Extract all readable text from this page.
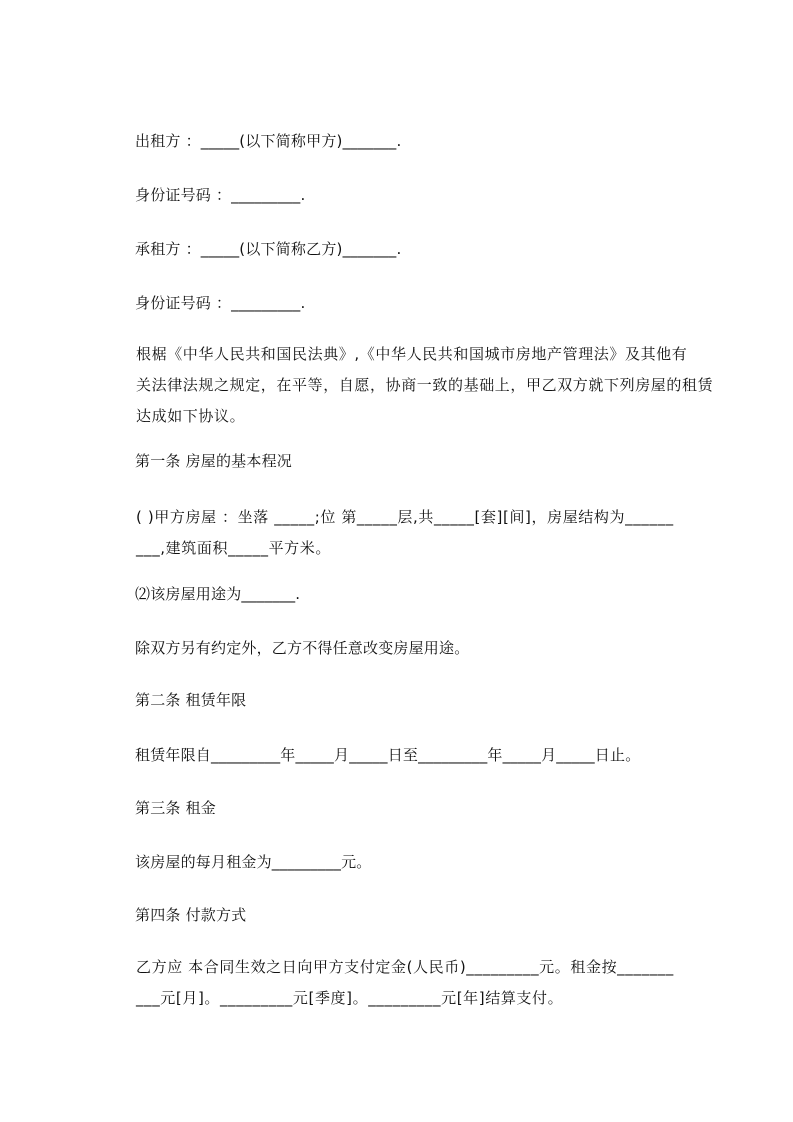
出租方 ：_____(以下简称甲方)_______.
身份证号码 ：_________.
承租方 ：_____(以下简称乙方)_______.
身份证号码 ：_________.
根椐《中华人民共和国民法典》,《中华人民共和国城市房地产管理法》及其他有
关法律法规之规定，在平等，自愿，协商一致的基础上，甲乙双方就下列房屋的租赁
达成如下协议。
第一条 房屋的基本程况
( )甲方房屋 ：坐落 _____;位 第_____层,共_____[套][间]，房屋结构为______
___,建筑面积_____平方米。
⑵该房屋用途为_______.
除双方另有约定外，乙方不得任意改变房屋用途。
第二条 租赁年限
租赁年限自_________年_____月_____日至_________年_____月_____日止。
第三条 租金
该房屋的每月租金为_________元。
第四条 付款方式
乙方应 本合同生效之日向甲方支付定金(人民币)_________元。租金按_______
___元[月]。_________元[季度]。_________元[年]结算支付。
